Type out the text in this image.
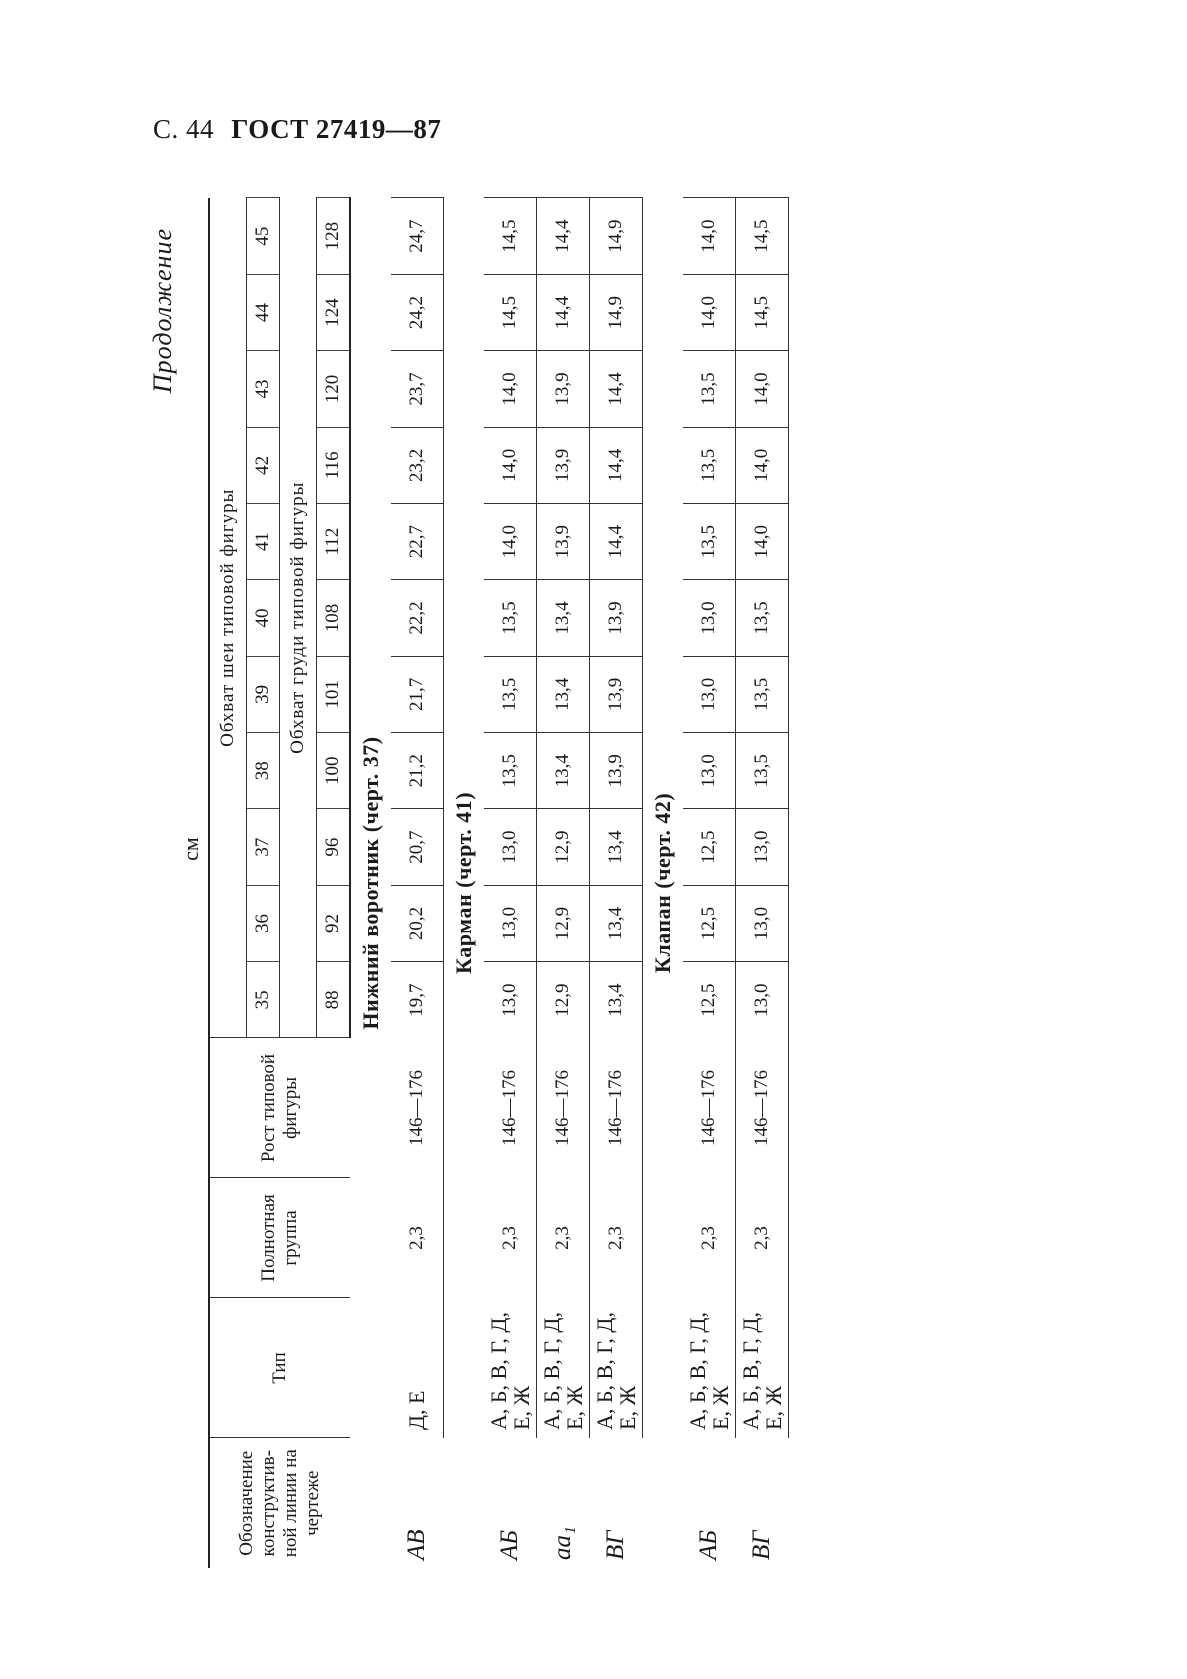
С. 44 ГОСТ 27419—87
Продолжение
см
Обозначение конструктив-ной линии на чертеже	Тип	Полнотная группа	Рост типовой фигуры	Обхват шеи типовой фигуры										
				35	36	37	38	39	40	41	42	43	44	45
				Обхват груди типовой фигуры										
				88	92	96	100	101	108	112	116	120	124	128
Нижний воротник (черт. 37)														
АВ	Д, Е	2,3	146—176	19,7	20,2	20,7	21,2	21,7	22,2	22,7	23,2	23,7	24,2	24,7
Карман (черт. 41)														
АБ	А, Б, В, Г, Д, Е, Ж	2,3	146—176	13,0	13,0	13,0	13,5	13,5	13,5	14,0	14,0	14,0	14,5	14,5
аа₁	А, Б, В, Г, Д, Е, Ж	2,3	146—176	12,9	12,9	12,9	13,4	13,4	13,4	13,9	13,9	13,9	14,4	14,4
ВГ	А, Б, В, Г, Д, Е, Ж	2,3	146—176	13,4	13,4	13,4	13,9	13,9	13,9	14,4	14,4	14,4	14,9	14,9
Клапан (черт. 42)														
АБ	А, Б, В, Г, Д, Е, Ж	2,3	146—176	12,5	12,5	12,5	13,0	13,0	13,0	13,5	13,5	13,5	14,0	14,0
ВГ	А, Б, В, Г, Д, Е, Ж	2,3	146—176	13,0	13,0	13,0	13,5	13,5	13,5	14,0	14,0	14,0	14,5	14,5
